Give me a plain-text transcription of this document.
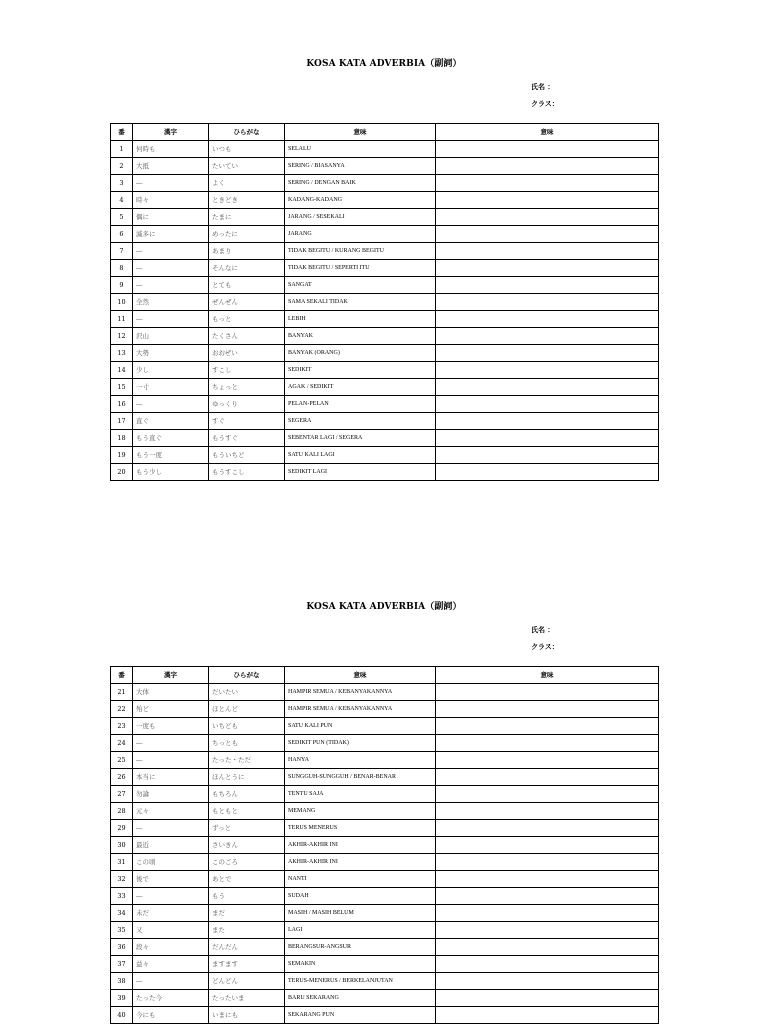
KOSA KATA ADVERBIA（副詞）
氏名 ：
クラス：
番	漢字	ひらがな	意味	意味
1	何時も	いつも	SELALU	
2	大抵	たいてい	SERING / BIASANYA	
3	―	よく	SERING / DENGAN BAIK	
4	時々	ときどき	KADANG-KADANG	
5	偶に	たまに	JARANG / SESEKALI	
6	滅多に	めったに	JARANG	
7	―	あまり	TIDAK BEGITU / KURANG BEGITU	
8	―	そんなに	TIDAK BEGITU / SEPERTI ITU	
9	―	とても	SANGAT	
10	全然	ぜんぜん	SAMA SEKALI TIDAK	
11	―	もっと	LEBIH	
12	沢山	たくさん	BANYAK	
13	大勢	おおぜい	BANYAK (ORANG)	
14	少し	すこし	SEDIKIT	
15	一寸	ちょっと	AGAK / SEDIKIT	
16	―	ゆっくり	PELAN-PELAN	
17	直ぐ	すぐ	SEGERA	
18	もう直ぐ	もうすぐ	SEBENTAR LAGI / SEGERA	
19	もう一度	もういちど	SATU KALI LAGI	
20	もう少し	もうすこし	SEDIKIT LAGI	
KOSA KATA ADVERBIA（副詞）
氏名 ：
クラス：
番	漢字	ひらがな	意味	意味
21	大体	だいたい	HAMPIR SEMUA / KEBANYAKANNYA	
22	殆ど	ほとんど	HAMPIR SEMUA / KEBANYAKANNYA	
23	一度も	いちども	SATU KALI PUN	
24	―	ちっとも	SEDIKIT PUN (TIDAK)	
25	―	たった・ただ	HANYA	
26	本当に	ほんとうに	SUNGGUH-SUNGGUH / BENAR-BENAR	
27	勿論	もちろん	TENTU SAJA	
28	元々	もともと	MEMANG	
29	―	ずっと	TERUS MENERUS	
30	最近	さいきん	AKHIR-AKHIR INI	
31	この頃	このごろ	AKHIR-AKHIR INI	
32	後で	あとで	NANTI	
33	―	もう	SUDAH	
34	未だ	まだ	MASIH / MASIH BELUM	
35	又	また	LAGI	
36	段々	だんだん	BERANGSUR-ANGSUR	
37	益々	ますます	SEMAKIN	
38	―	どんどん	TERUS-MENERUS / BERKELANJUTAN	
39	たった今	たったいま	BARU SEKARANG	
40	今にも	いまにも	SEKARANG PUN	
